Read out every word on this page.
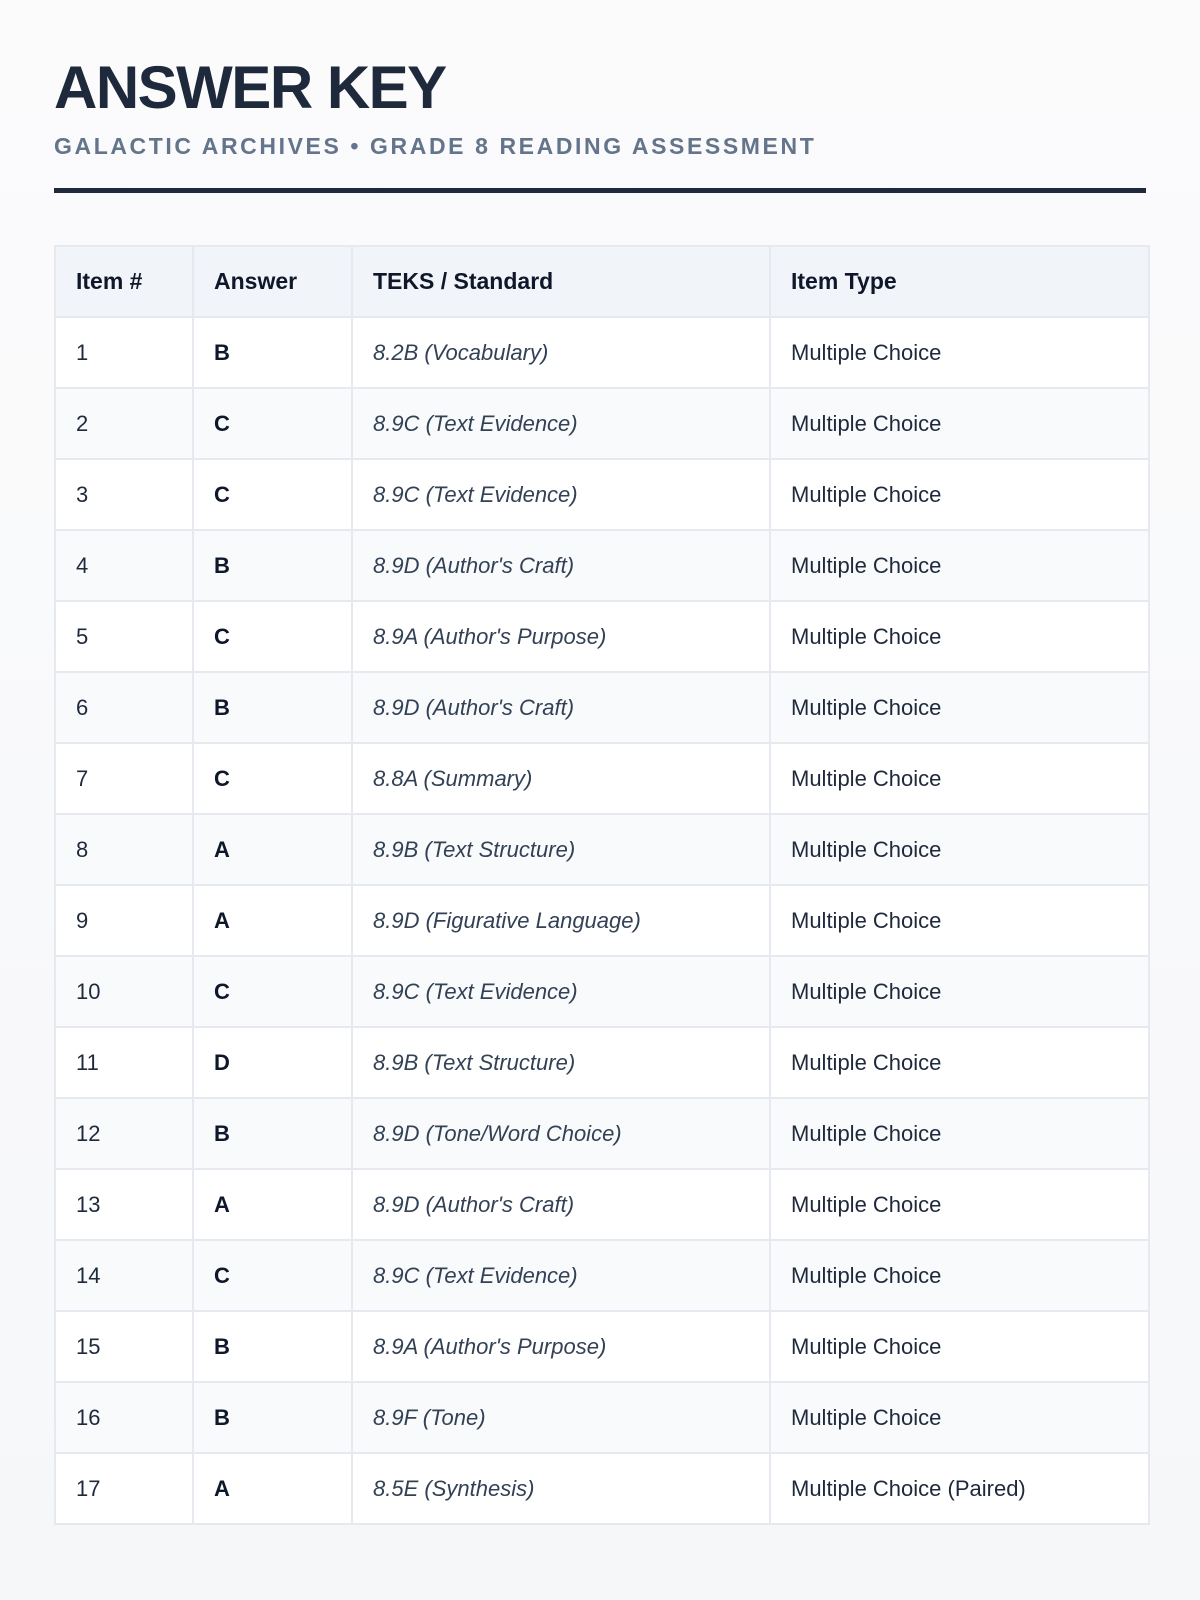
ANSWER KEY
GALACTIC ARCHIVES • GRADE 8 READING ASSESSMENT
Item #	Answer	TEKS / Standard	Item Type
1	B	8.2B (Vocabulary)	Multiple Choice
2	C	8.9C (Text Evidence)	Multiple Choice
3	C	8.9C (Text Evidence)	Multiple Choice
4	B	8.9D (Author's Craft)	Multiple Choice
5	C	8.9A (Author's Purpose)	Multiple Choice
6	B	8.9D (Author's Craft)	Multiple Choice
7	C	8.8A (Summary)	Multiple Choice
8	A	8.9B (Text Structure)	Multiple Choice
9	A	8.9D (Figurative Language)	Multiple Choice
10	C	8.9C (Text Evidence)	Multiple Choice
11	D	8.9B (Text Structure)	Multiple Choice
12	B	8.9D (Tone/Word Choice)	Multiple Choice
13	A	8.9D (Author's Craft)	Multiple Choice
14	C	8.9C (Text Evidence)	Multiple Choice
15	B	8.9A (Author's Purpose)	Multiple Choice
16	B	8.9F (Tone)	Multiple Choice
17	A	8.5E (Synthesis)	Multiple Choice (Paired)
